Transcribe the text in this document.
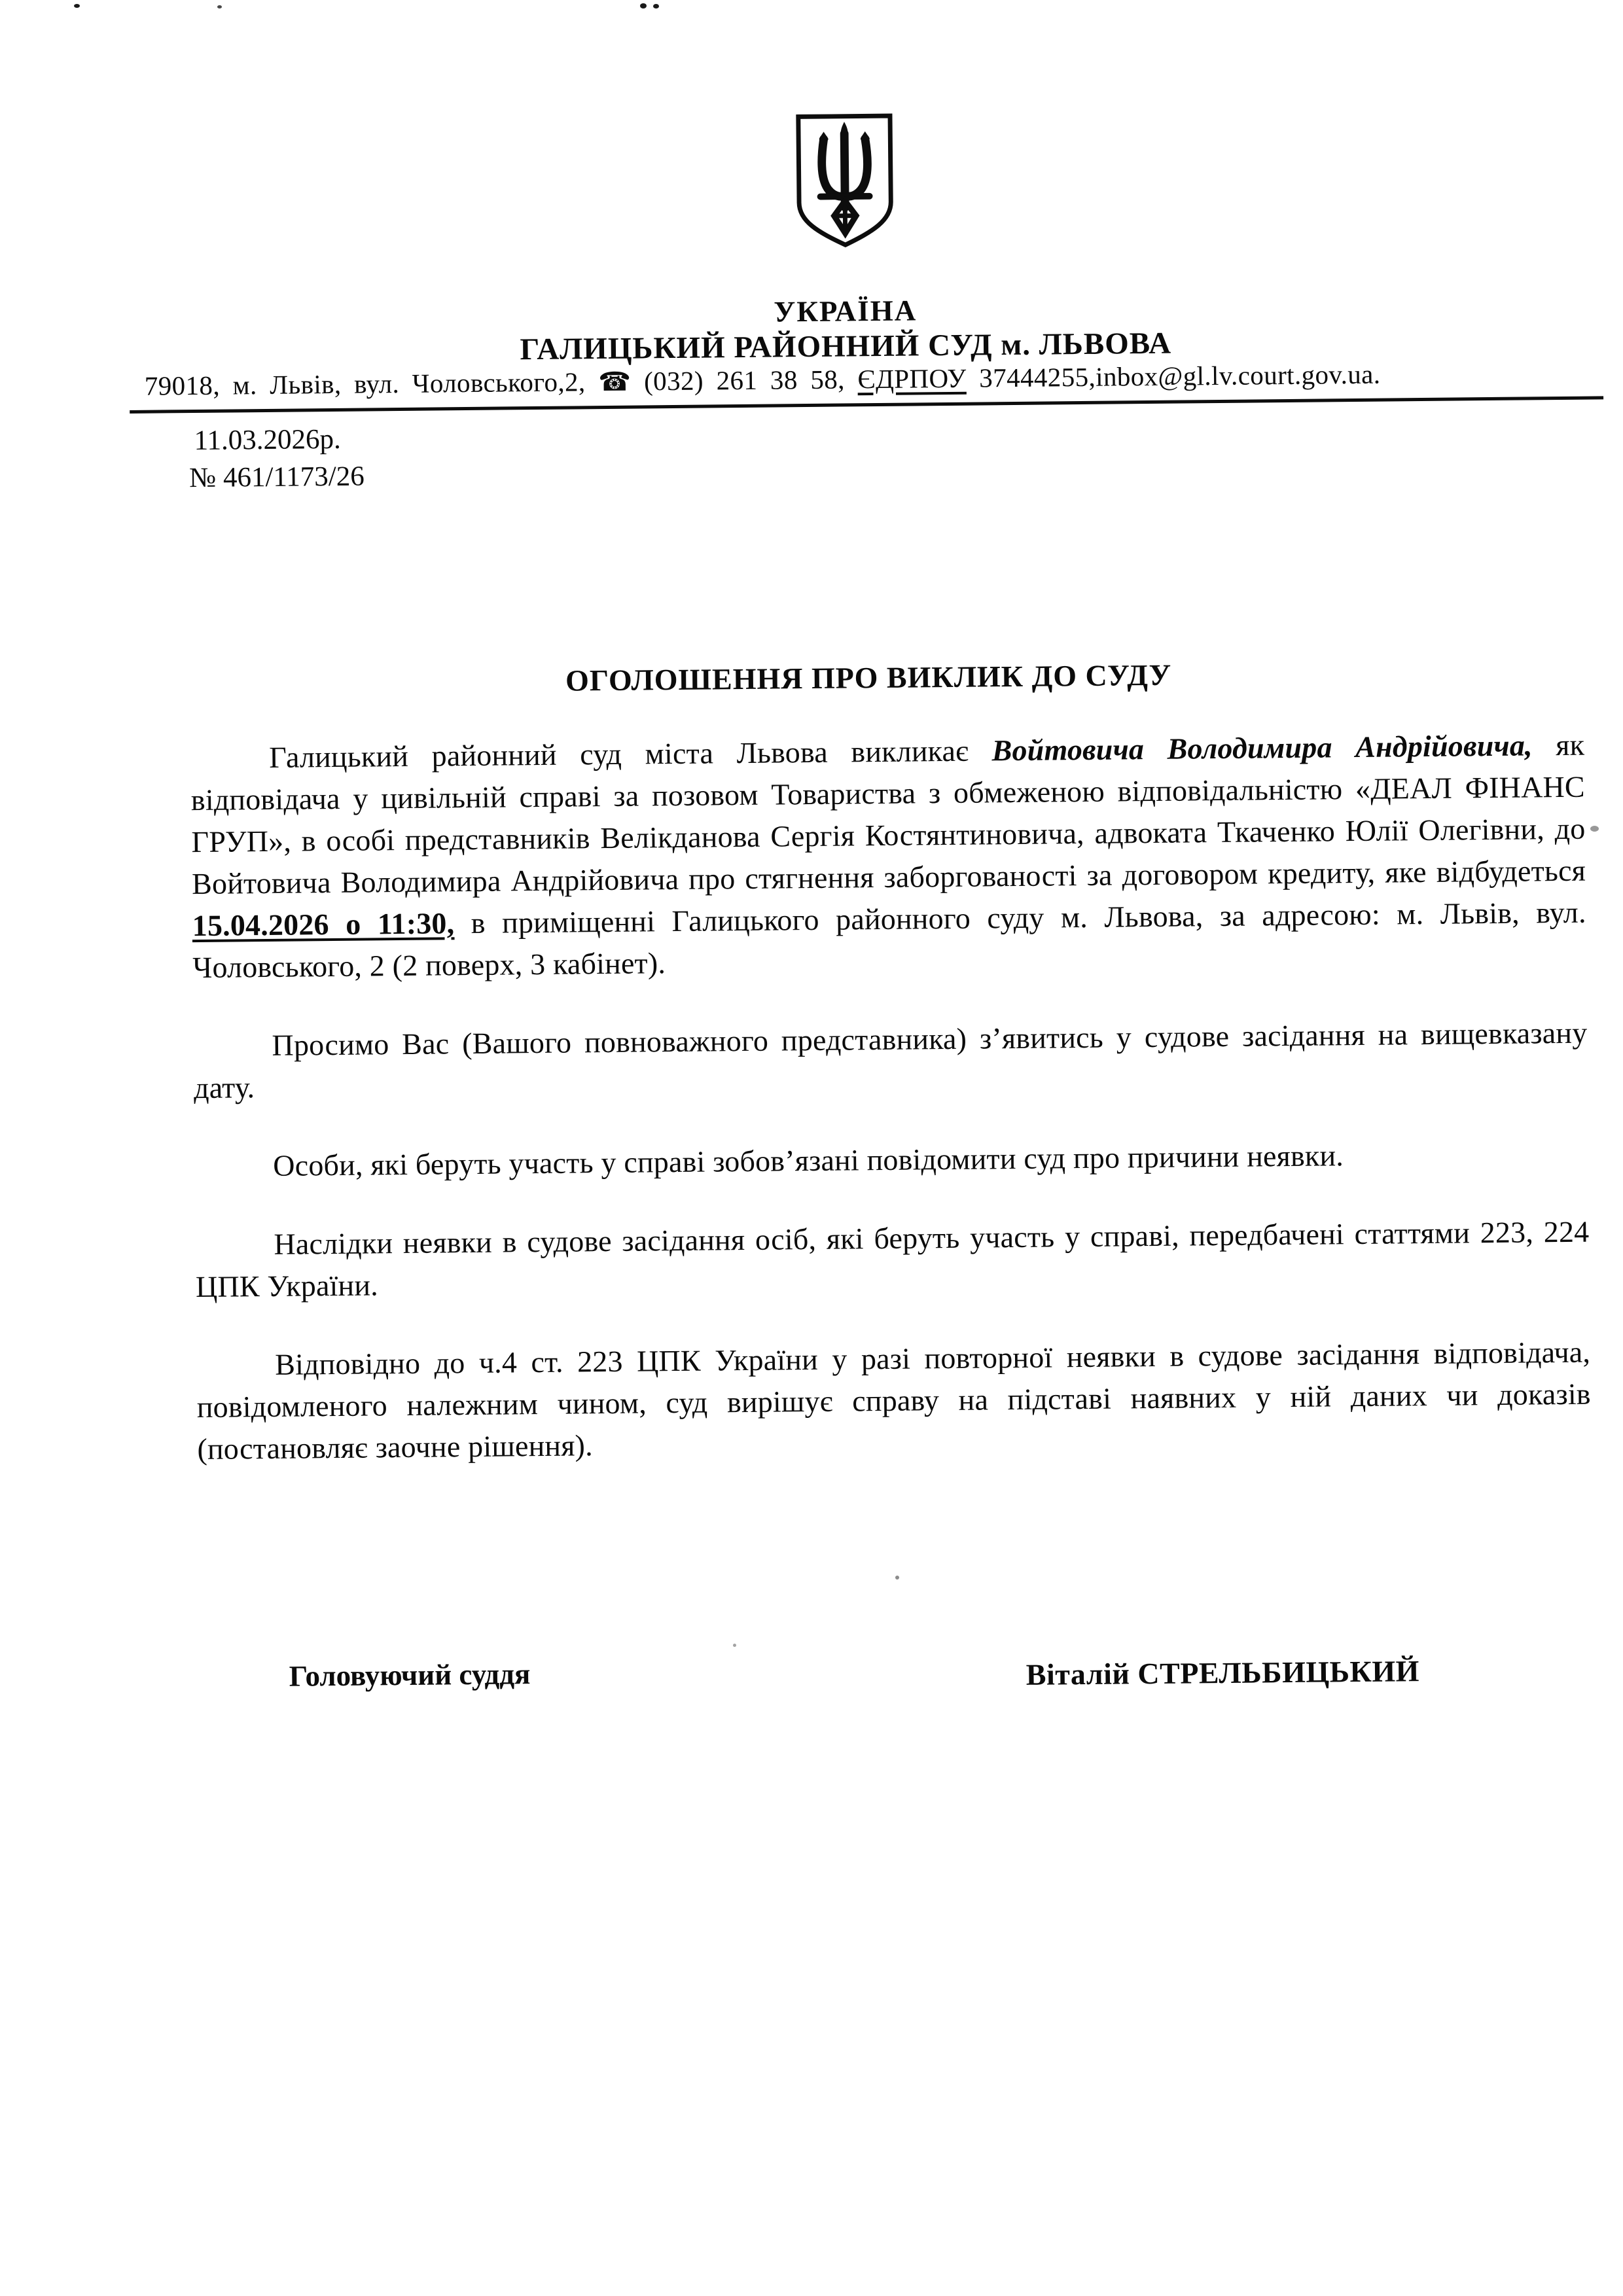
УКРАЇНА
ГАЛИЦЬКИЙ РАЙОННИЙ СУД м. ЛЬВОВА
79018, м. Львів, вул. Чоловського,2, ☎ (032) 261 38 58, ЄДРПОУ 37444255,inbox@gl.lv.court.gov.ua.
11.03.2026р.
№ 461/1173/26
ОГОЛОШЕННЯ ПРО ВИКЛИК ДО СУДУ

Галицький районний суд міста Львова викликає Войтовича Володимира Андрійовича, як відповідача у цивільній справі за позовом Товариства з обмеженою відповідальністю «ДЕАЛ ФІНАНС ГРУП», в особі представників Велікданова Сергія Костянтиновича, адвоката Ткаченко Юлії Олегівни, до Войтовича Володимира Андрійовича про стягнення заборгованості за договором кредиту, яке відбудеться 15.04.2026 о 11:30, в приміщенні Галицького районного суду м. Львова, за адресою: м. Львів, вул. Чоловського, 2 (2 поверх, 3 кабінет).

Просимо Вас (Вашого повноважного представника) з’явитись у судове засідання на вищевказану дату.

Особи, які беруть участь у справі зобов’язані повідомити суд про причини неявки.

Наслідки неявки в судове засідання осіб, які беруть участь у справі, передбачені статтями 223, 224 ЦПК України.

Відповідно до ч.4 ст. 223 ЦПК України у разі повторної неявки в судове засідання відповідача, повідомленого належним чином, суд вирішує справу на підставі наявних у ній даних чи доказів (постановляє заочне рішення).

Головуючий суддя	Віталій СТРЕЛЬБИЦЬКИЙ
